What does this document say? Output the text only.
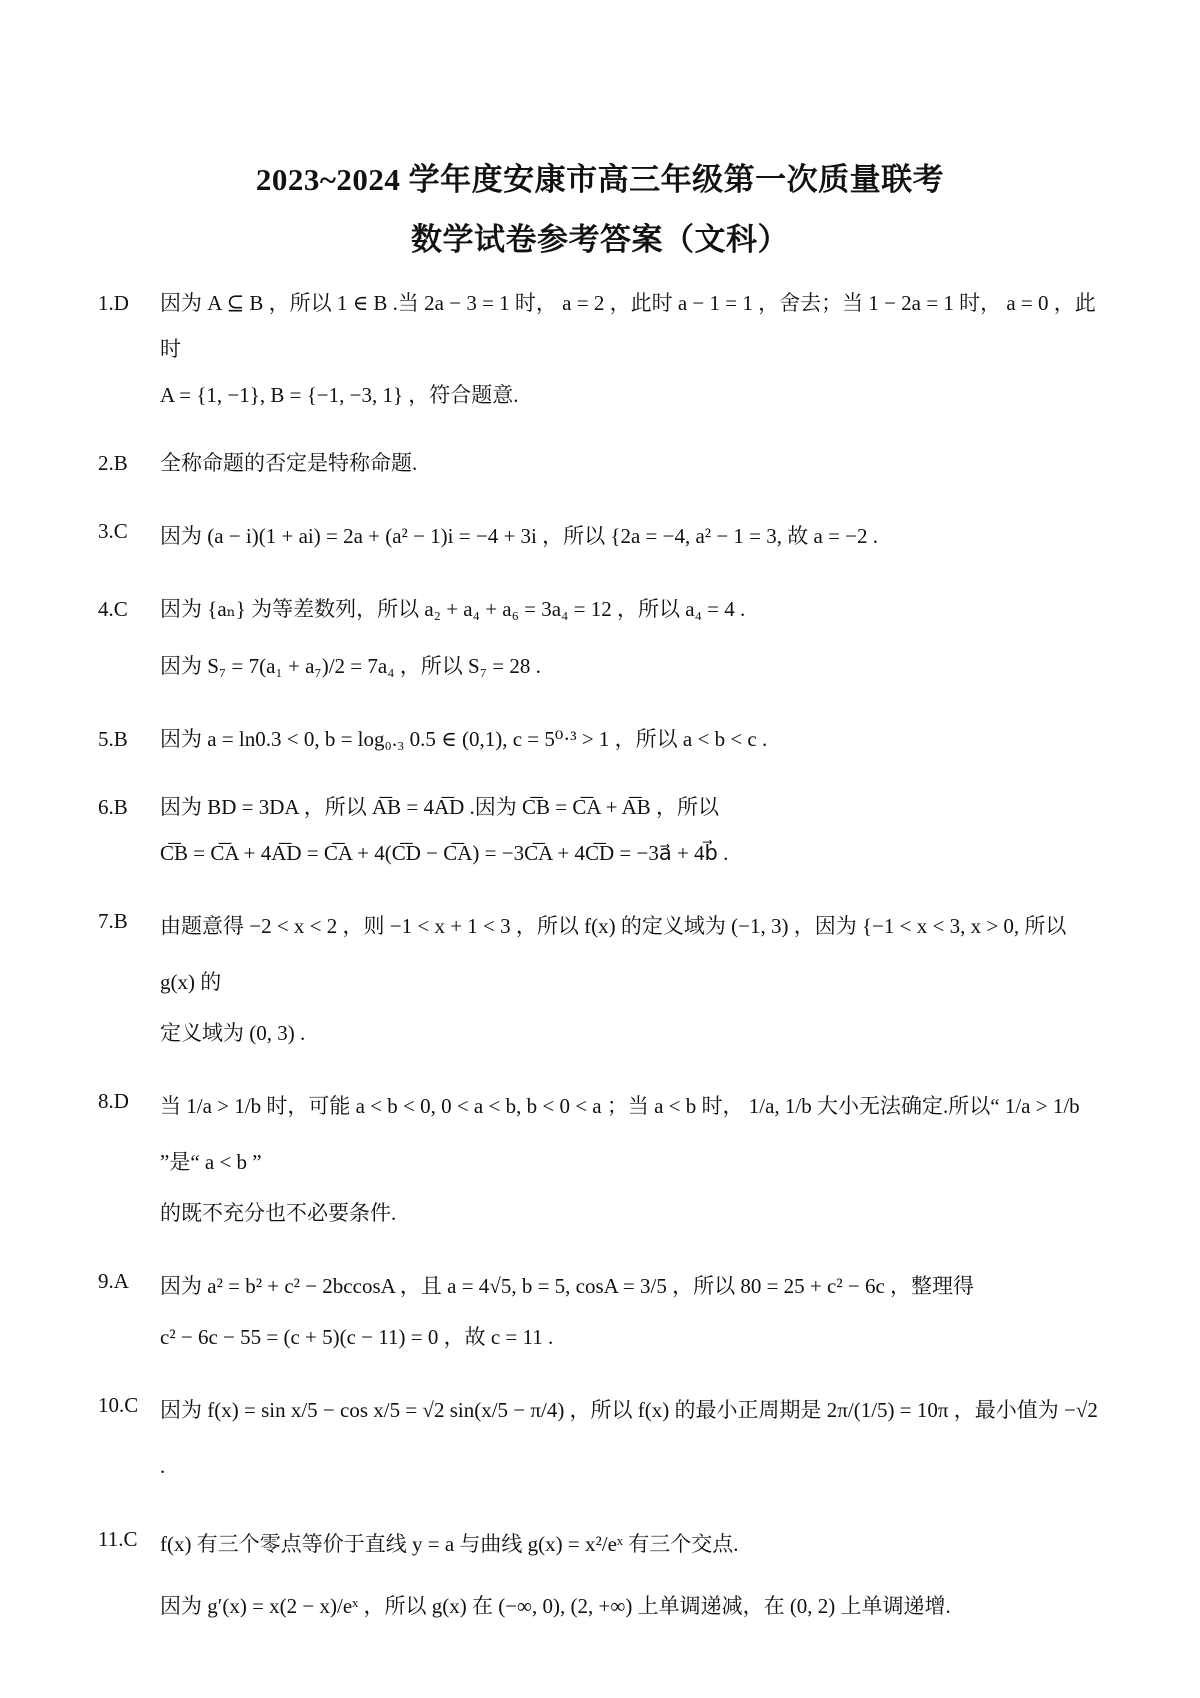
2023~2024 学年度安康市高三年级第一次质量联考
数学试卷参考答案（文科）
1.D	因为 A ⊆ B ，所以 1 ∈ B .当 2a − 3 = 1 时， a = 2 ，此时 a − 1 = 1 ，舍去；当 1 − 2a = 1 时， a = 0 ，此时
A = {1, −1}, B = {−1, −3, 1} ，符合题意.
2.B	全称命题的否定是特称命题.
3.C	因为 (a − i)(1 + ai) = 2a + (a² − 1)i = −4 + 3i ，所以 {2a = −4, a² − 1 = 3, 故 a = −2 .
4.C	因为 {aₙ} 为等差数列，所以 a₂ + a₄ + a₆ = 3a₄ = 12 ，所以 a₄ = 4 .
因为 S₇ = 7(a₁ + a₇)/2 = 7a₄ ，所以 S₇ = 28 .
5.B	因为 a = ln0.3 < 0, b = log₀.₃ 0.5 ∈ (0,1), c = 5⁰·³ > 1 ，所以 a < b < c .
6.B	因为 BD = 3DA ，所以 A͞B = 4A͞D .因为 C͞B = C͞A + A͞B ，所以
C͞B = C͞A + 4A͞D = C͞A + 4(C͞D − C͞A) = −3C͞A + 4C͞D = −3a⃗ + 4b⃗ .
7.B	由题意得 −2 < x < 2 ，则 −1 < x + 1 < 3 ，所以 f(x) 的定义域为 (−1, 3) ，因为 {−1 < x < 3, x > 0, 所以 g(x) 的
定义域为 (0, 3) .
8.D	当 1/a > 1/b 时，可能 a < b < 0, 0 < a < b, b < 0 < a ；当 a < b 时， 1/a, 1/b 大小无法确定.所以“ 1/a > 1/b ”是“ a < b ”
的既不充分也不必要条件.
9.A	因为 a² = b² + c² − 2bccosA ，且 a = 4√5, b = 5, cosA = 3/5 ，所以 80 = 25 + c² − 6c ，整理得
c² − 6c − 55 = (c + 5)(c − 11) = 0 ，故 c = 11 .
10.C	因为 f(x) = sin x/5 − cos x/5 = √2 sin(x/5 − π/4) ，所以 f(x) 的最小正周期是 2π/(1/5) = 10π ，最小值为 −√2 .
11.C	f(x) 有三个零点等价于直线 y = a 与曲线 g(x) = x²/eˣ 有三个交点.
因为 g′(x) = x(2 − x)/eˣ ，所以 g(x) 在 (−∞, 0), (2, +∞) 上单调递减，在 (0, 2) 上单调递增.
